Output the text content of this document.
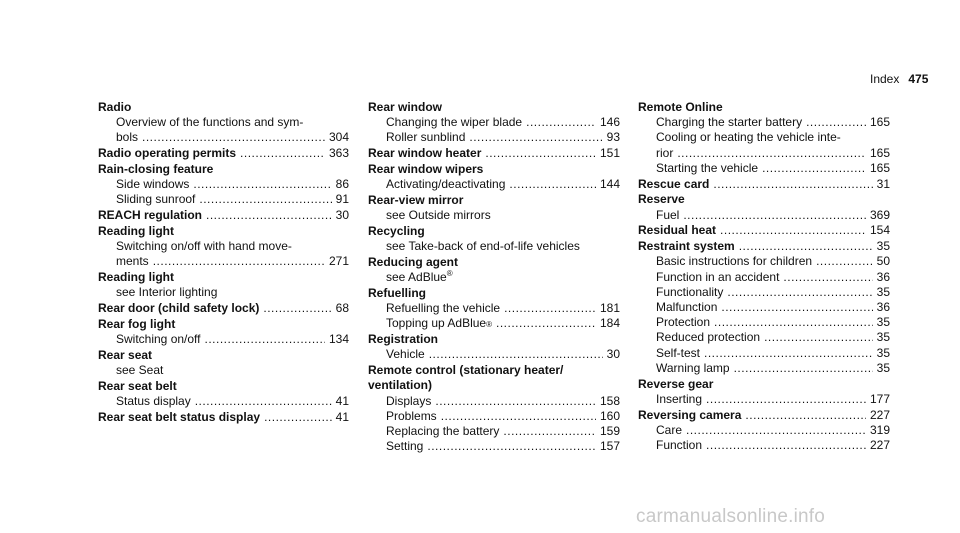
Index 475
Radio
Overview of the functions and sym-
bols .....	304
Radio operating permits .....	363
Rain-closing feature
Side windows .....	86
Sliding sunroof .....	91
REACH regulation .....	30
Reading light
Switching on/off with hand move-
ments .....	271
Reading light
see Interior lighting
Rear door (child safety lock) .....	68
Rear fog light
Switching on/off .....	134
Rear seat
see Seat
Rear seat belt
Status display .....	41
Rear seat belt status display .....	41
Rear window
Changing the wiper blade .....	146
Roller sunblind .....	93
Rear window heater .....	151
Rear window wipers
Activating/deactivating .....	144
Rear-view mirror
see Outside mirrors
Recycling
see Take-back of end-of-life vehicles
Reducing agent
see AdBlue®
Refuelling
Refuelling the vehicle .....	181
Topping up AdBlue ® .....	184
Registration
Vehicle .....	30
Remote control (stationary heater/
ventilation)
Displays .....	158
Problems .....	160
Replacing the battery .....	159
Setting .....	157
Remote Online
Charging the starter battery .....	165
Cooling or heating the vehicle inte-
rior .....	165
Starting the vehicle .....	165
Rescue card .....	31
Reserve
Fuel .....	369
Residual heat .....	154
Restraint system .....	35
Basic instructions for children .....	50
Function in an accident .....	36
Functionality .....	35
Malfunction .....	36
Protection .....	35
Reduced protection .....	35
Self-test .....	35
Warning lamp .....	35
Reverse gear
Inserting .....	177
Reversing camera .....	227
Care .....	319
Function .....	227
carmanualsonline.info
